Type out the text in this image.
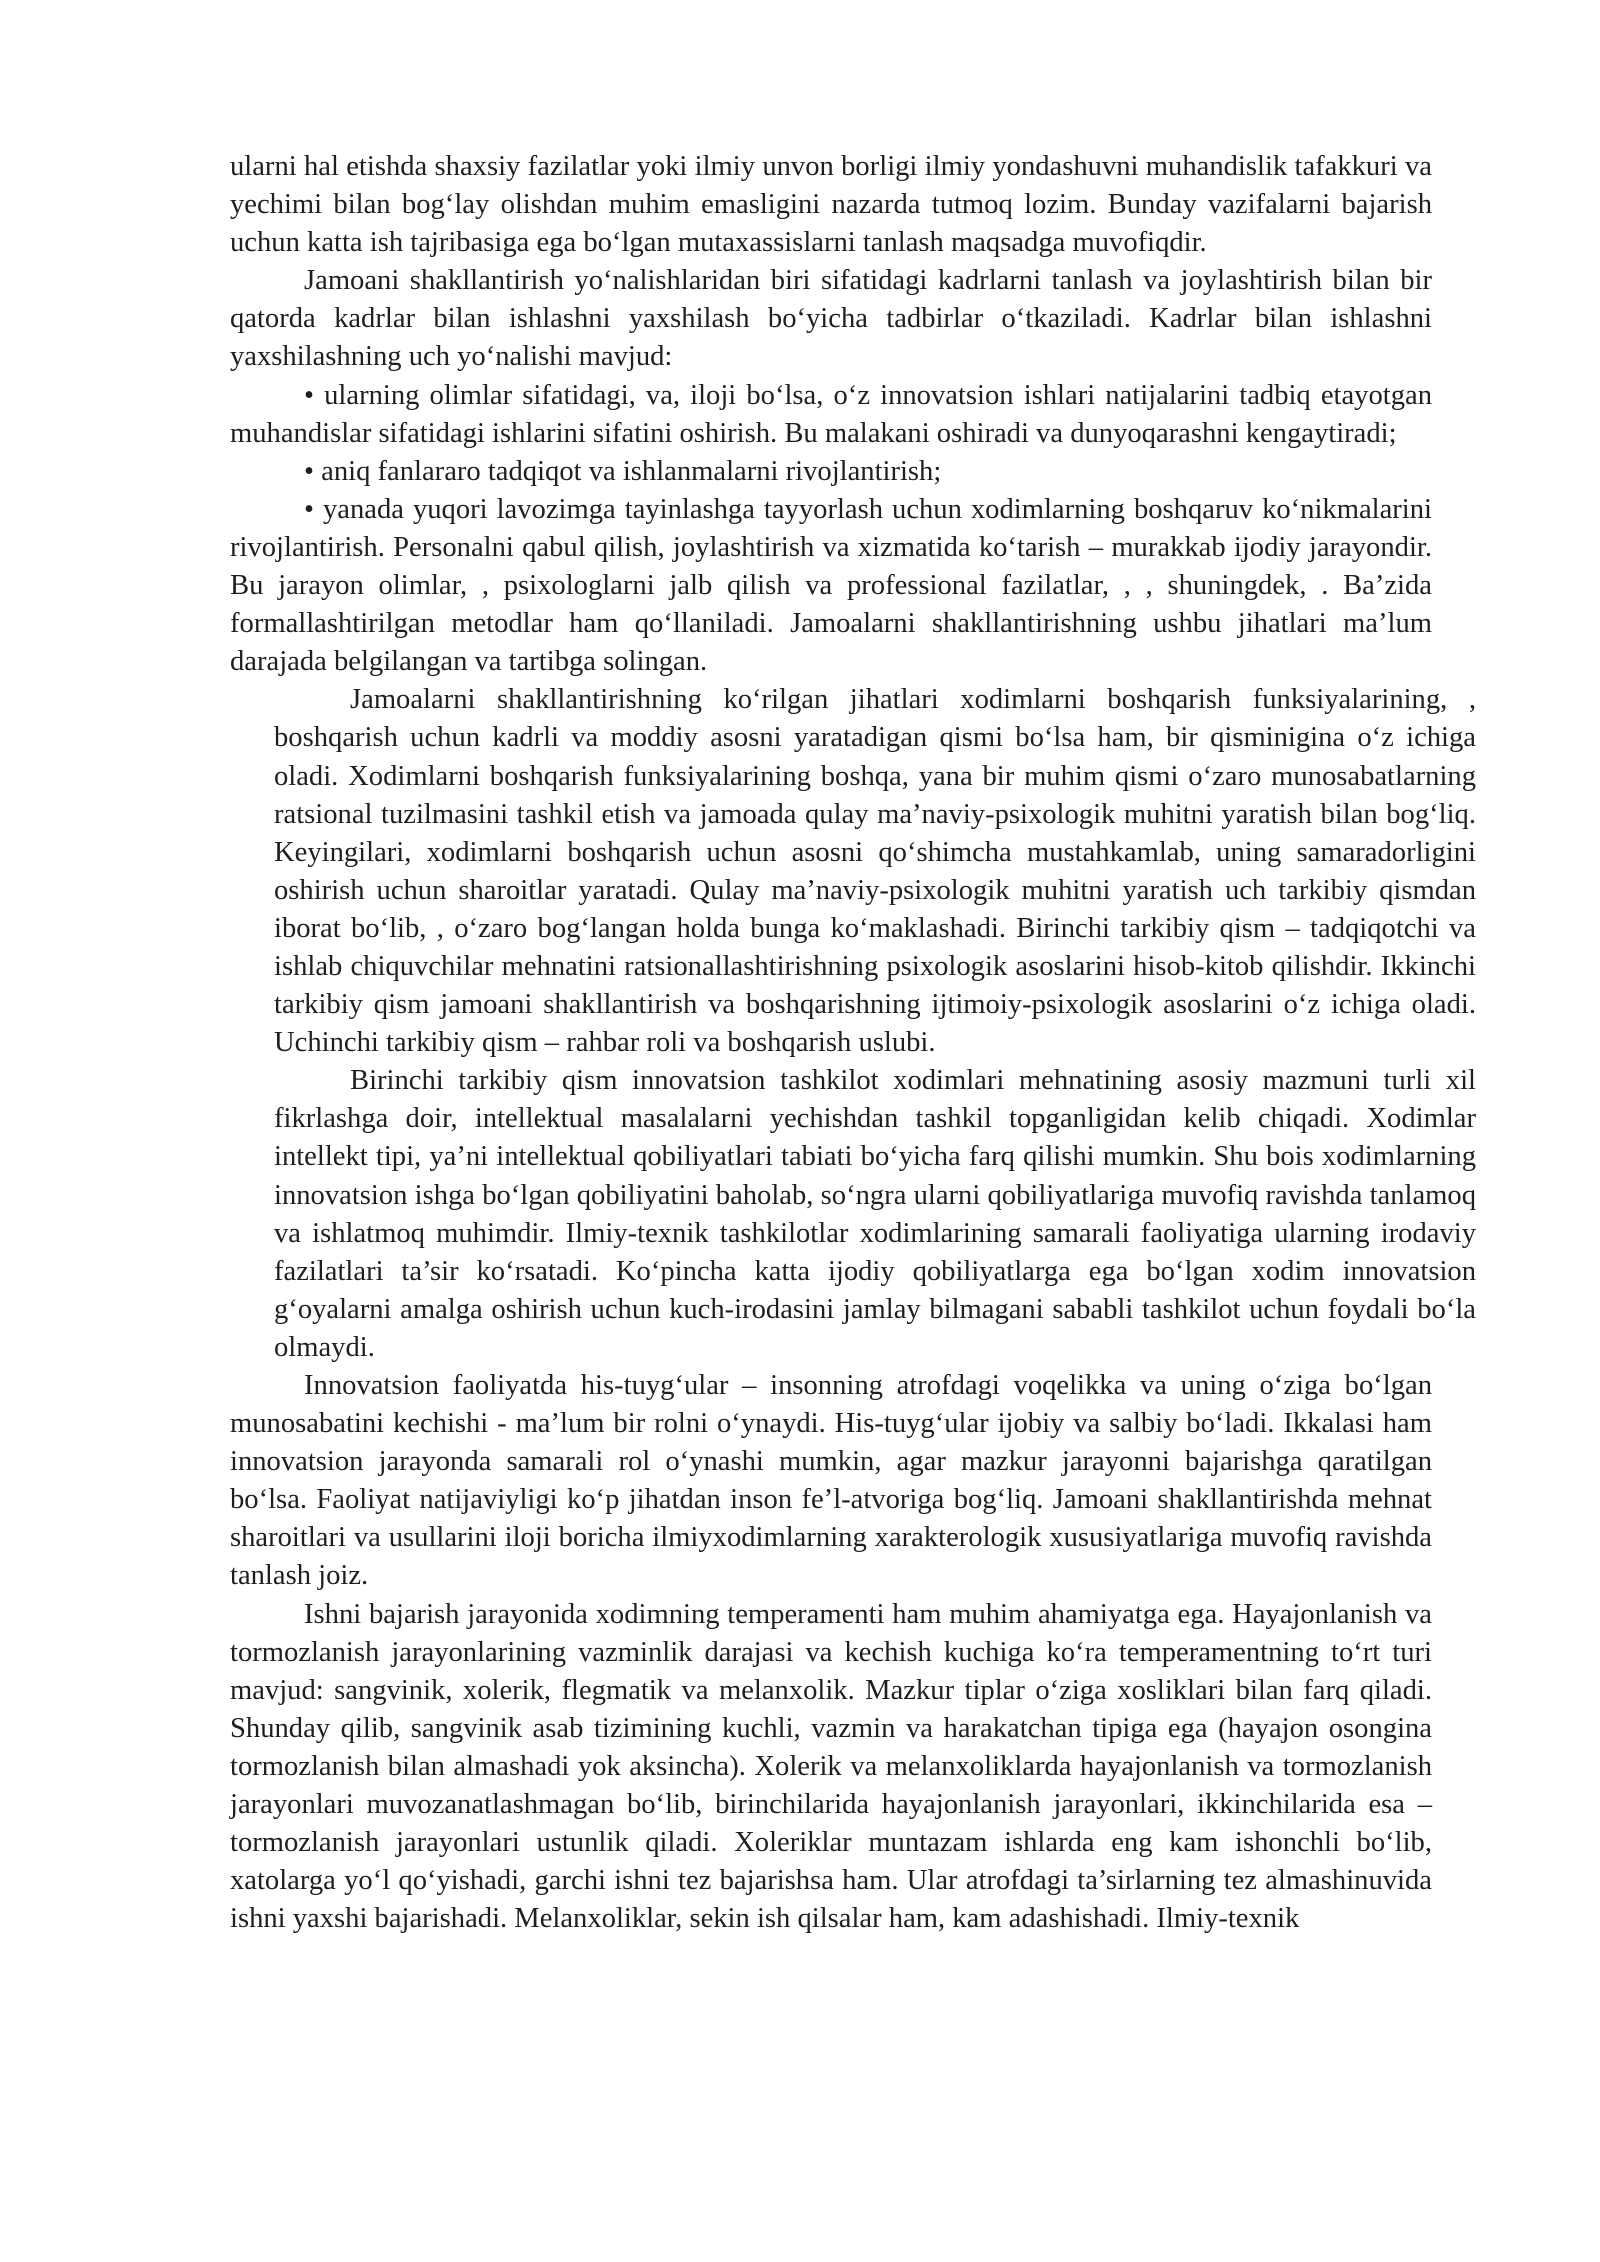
ularni hal etishda shaxsiy fazilatlar yoki ilmiy unvon borligi ilmiy yondashuvni muhandislik tafakkuri va yechimi bilan bog‘lay olishdan muhim emasligini nazarda tutmoq lozim. Bunday vazifalarni bajarish uchun katta ish tajribasiga ega bo‘lgan mutaxassislarni tanlash maqsadga muvofiqdir.

Jamoani shakllantirish yo‘nalishlaridan biri sifatidagi kadrlarni tanlash va joylashtirish bilan bir qatorda kadrlar bilan ishlashni yaxshilash bo‘yicha tadbirlar o‘tkaziladi. Kadrlar bilan ishlashni yaxshilashning uch yo‘nalishi mavjud:

• ularning olimlar sifatidagi, va, iloji bo‘lsa, o‘z innovatsion ishlari natijalarini tadbiq etayotgan muhandislar sifatidagi ishlarini sifatini oshirish. Bu malakani oshiradi va dunyoqarashni kengaytiradi;

• aniq fanlararo tadqiqot va ishlanmalarni rivojlantirish;

• yanada yuqori lavozimga tayinlashga tayyorlash uchun xodimlarning boshqaruv ko‘nikmalarini rivojlantirish. Personalni qabul qilish, joylashtirish va xizmatida ko‘tarish – murakkab ijodiy jarayondir. Bu jarayon olimlar, , psixologlarni jalb qilish va professional fazilatlar, , , shuningdek, . Ba’zida formallashtirilgan metodlar ham qo‘llaniladi. Jamoalarni shakllantirishning ushbu jihatlari ma’lum darajada belgilangan va tartibga solingan.

Jamoalarni shakllantirishning ko‘rilgan jihatlari xodimlarni boshqarish funksiyalarining, , boshqarish uchun kadrli va moddiy asosni yaratadigan qismi bo‘lsa ham, bir qisminigina o‘z ichiga oladi. Xodimlarni boshqarish funksiyalarining boshqa, yana bir muhim qismi o‘zaro munosabatlarning ratsional tuzilmasini tashkil etish va jamoada qulay ma’naviy-psixologik muhitni yaratish bilan bog‘liq. Keyingilari, xodimlarni boshqarish uchun asosni qo‘shimcha mustahkamlab, uning samaradorligini oshirish uchun sharoitlar yaratadi. Qulay ma’naviy-psixologik muhitni yaratish uch tarkibiy qismdan iborat bo‘lib, , o‘zaro bog‘langan holda bunga ko‘maklashadi. Birinchi tarkibiy qism – tadqiqotchi va ishlab chiquvchilar mehnatini ratsionallashtirishning psixologik asoslarini hisob-kitob qilishdir. Ikkinchi tarkibiy qism jamoani shakllantirish va boshqarishning ijtimoiy-psixologik asoslarini o‘z ichiga oladi. Uchinchi tarkibiy qism – rahbar roli va boshqarish uslubi.

Birinchi tarkibiy qism innovatsion tashkilot xodimlari mehnatining asosiy mazmuni turli xil fikrlashga doir, intellektual masalalarni yechishdan tashkil topganligidan kelib chiqadi. Xodimlar intellekt tipi, ya’ni intellektual qobiliyatlari tabiati bo‘yicha farq qilishi mumkin. Shu bois xodimlarning innovatsion ishga bo‘lgan qobiliyatini baholab, so‘ngra ularni qobiliyatlariga muvofiq ravishda tanlamoq va ishlatmoq muhimdir. Ilmiy-texnik tashkilotlar xodimlarining samarali faoliyatiga ularning irodaviy fazilatlari ta’sir ko‘rsatadi. Ko‘pincha katta ijodiy qobiliyatlarga ega bo‘lgan xodim innovatsion g‘oyalarni amalga oshirish uchun kuch-irodasini jamlay bilmagani sababli tashkilot uchun foydali bo‘la olmaydi.

Innovatsion faoliyatda his-tuyg‘ular – insonning atrofdagi voqelikka va uning o‘ziga bo‘lgan munosabatini kechishi - ma’lum bir rolni o‘ynaydi. His-tuyg‘ular ijobiy va salbiy bo‘ladi. Ikkalasi ham innovatsion jarayonda samarali rol o‘ynashi mumkin, agar mazkur jarayonni bajarishga qaratilgan bo‘lsa. Faoliyat natijaviyligi ko‘p jihatdan inson fe’l-atvoriga bog‘liq. Jamoani shakllantirishda mehnat sharoitlari va usullarini iloji boricha ilmiyxodimlarning xarakterologik xususiyatlariga muvofiq ravishda tanlash joiz.

Ishni bajarish jarayonida xodimning temperamenti ham muhim ahamiyatga ega. Hayajonlanish va tormozlanish jarayonlarining vazminlik darajasi va kechish kuchiga ko‘ra temperamentning to‘rt turi mavjud: sangvinik, xolerik, flegmatik va melanxolik. Mazkur tiplar o‘ziga xosliklari bilan farq qiladi. Shunday qilib, sangvinik asab tizimining kuchli, vazmin va harakatchan tipiga ega (hayajon osongina tormozlanish bilan almashadi yok aksincha). Xolerik va melanxoliklarda hayajonlanish va tormozlanish jarayonlari muvozanatlashmagan bo‘lib, birinchilarida hayajonlanish jarayonlari, ikkinchilarida esa – tormozlanish jarayonlari ustunlik qiladi. Xoleriklar muntazam ishlarda eng kam ishonchli bo‘lib, xatolarga yo‘l qo‘yishadi, garchi ishni tez bajarishsa ham. Ular atrofdagi ta’sirlarning tez almashinuvida ishni yaxshi bajarishadi. Melanxoliklar, sekin ish qilsalar ham, kam adashishadi. Ilmiy-texnik
